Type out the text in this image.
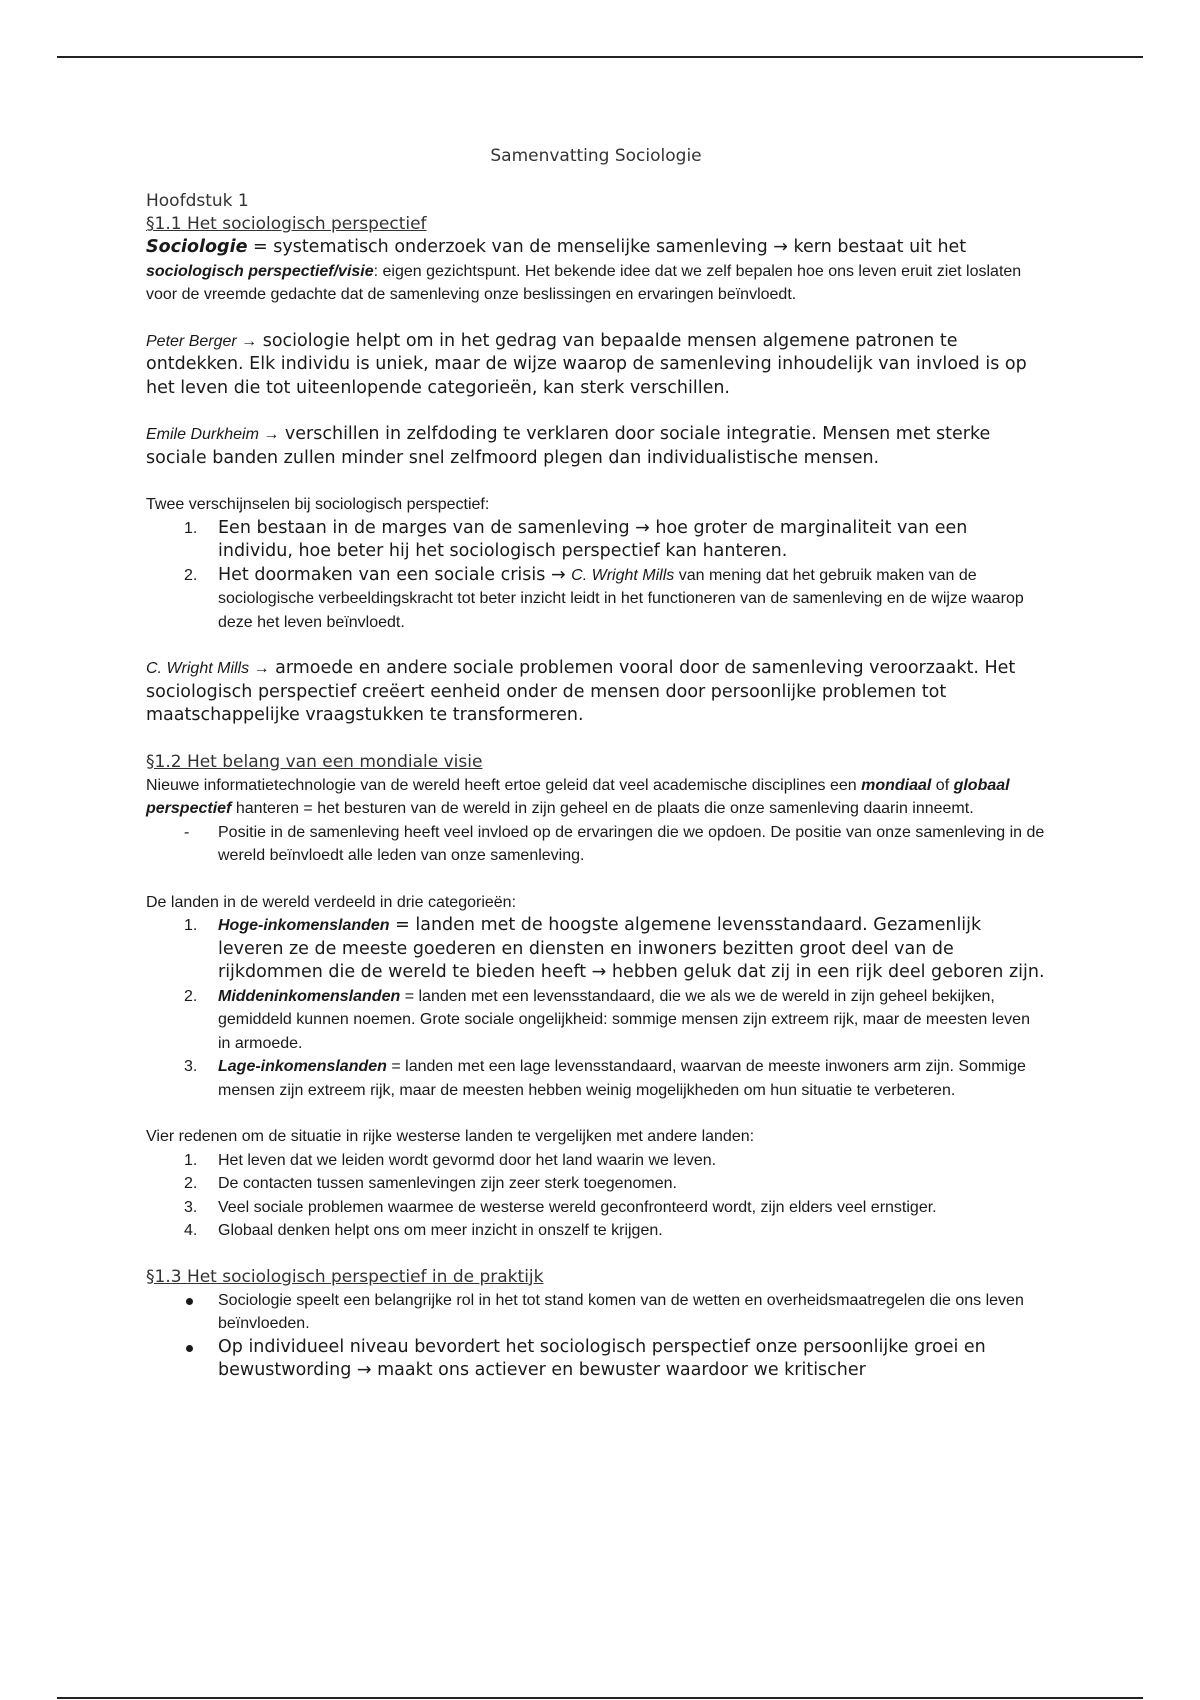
Samenvatting Sociologie

Hoofdstuk 1

§1.1 Het sociologisch perspectief

Sociologie = systematisch onderzoek van de menselijke samenleving → kern bestaat uit het sociologisch perspectief/visie: eigen gezichtspunt. Het bekende idee dat we zelf bepalen hoe ons leven eruit ziet loslaten voor de vreemde gedachte dat de samenleving onze beslissingen en ervaringen beïnvloedt.

Peter Berger → sociologie helpt om in het gedrag van bepaalde mensen algemene patronen te ontdekken. Elk individu is uniek, maar de wijze waarop de samenleving inhoudelijk van invloed is op het leven die tot uiteenlopende categorieën, kan sterk verschillen.

Emile Durkheim → verschillen in zelfdoding te verklaren door sociale integratie. Mensen met sterke sociale banden zullen minder snel zelfmoord plegen dan individualistische mensen.

Twee verschijnselen bij sociologisch perspectief:

1. Een bestaan in de marges van de samenleving → hoe groter de marginaliteit van een individu, hoe beter hij het sociologisch perspectief kan hanteren.
2. Het doormaken van een sociale crisis → C. Wright Mills van mening dat het gebruik maken van de sociologische verbeeldingskracht tot beter inzicht leidt in het functioneren van de samenleving en de wijze waarop deze het leven beïnvloedt.

C. Wright Mills → armoede en andere sociale problemen vooral door de samenleving veroorzaakt. Het sociologisch perspectief creëert eenheid onder de mensen door persoonlijke problemen tot maatschappelijke vraagstukken te transformeren.

§1.2 Het belang van een mondiale visie

Nieuwe informatietechnologie van de wereld heeft ertoe geleid dat veel academische disciplines een mondiaal of globaal perspectief hanteren = het besturen van de wereld in zijn geheel en de plaats die onze samenleving daarin inneemt.

- Positie in de samenleving heeft veel invloed op de ervaringen die we opdoen. De positie van onze samenleving in de wereld beïnvloedt alle leden van onze samenleving.

De landen in de wereld verdeeld in drie categorieën:

1. Hoge-inkomenslanden = landen met de hoogste algemene levensstandaard. Gezamenlijk leveren ze de meeste goederen en diensten en inwoners bezitten groot deel van de rijkdommen die de wereld te bieden heeft → hebben geluk dat zij in een rijk deel geboren zijn.
2. Middeninkomenslanden = landen met een levensstandaard, die we als we de wereld in zijn geheel bekijken, gemiddeld kunnen noemen. Grote sociale ongelijkheid: sommige mensen zijn extreem rijk, maar de meesten leven in armoede.
3. Lage-inkomenslanden = landen met een lage levensstandaard, waarvan de meeste inwoners arm zijn. Sommige mensen zijn extreem rijk, maar de meesten hebben weinig mogelijkheden om hun situatie te verbeteren.

Vier redenen om de situatie in rijke westerse landen te vergelijken met andere landen:

1. Het leven dat we leiden wordt gevormd door het land waarin we leven.
2. De contacten tussen samenlevingen zijn zeer sterk toegenomen.
3. Veel sociale problemen waarmee de westerse wereld geconfronteerd wordt, zijn elders veel ernstiger.
4. Globaal denken helpt ons om meer inzicht in onszelf te krijgen.

§1.3 Het sociologisch perspectief in de praktijk

Sociologie speelt een belangrijke rol in het tot stand komen van de wetten en overheidsmaatregelen die ons leven beïnvloeden.
Op individueel niveau bevordert het sociologisch perspectief onze persoonlijke groei en bewustwording → maakt ons actiever en bewuster waardoor we kritischer
